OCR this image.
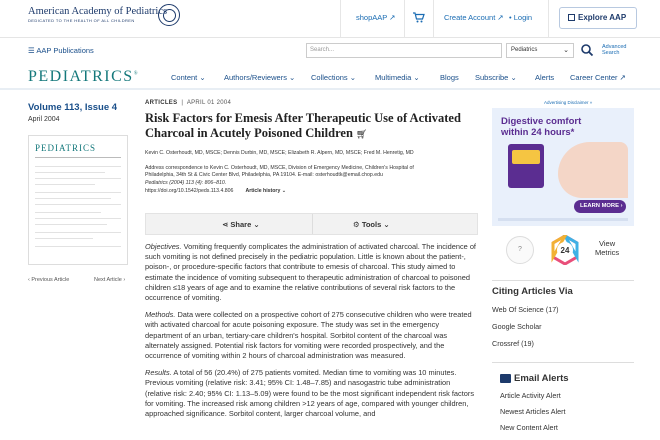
American Academy of Pediatrics
DEDICATED TO THE HEALTH OF ALL CHILDREN	shopAAP ↗	Create Account ↗ • Login	Explore AAP
☰ AAP Publications	Search...	Pediatrics	⌄	Advanced
Search
PEDIATRICS®	Content ⌄ Authors/Reviewers ⌄ Collections ⌄	Multimedia ⌄	Blogs Subscribe ⌄ Alerts Career Center ↗
Volume 113, Issue 4
April 2004
PEDIATRICS
‹ Previous Article	Next Article ›
ARTICLES  |  APRIL 01 2004
Risk Factors for Emesis After Therapeutic Use of Activated Charcoal in Acutely Poisoned Children 🛒︎
Kevin C. Osterhoudt, MD, MSCE; Dennis Durbin, MD, MSCE; Elizabeth R. Alpern, MD, MSCE; Fred M. Henretig, MD
Address correspondence to Kevin C. Osterhoudt, MD, MSCE, Division of Emergency Medicine, Children's Hospital of
Philadelphia, 34th St & Civic Center Blvd, Philadelphia, PA 19104. E-mail: osterhoudtk@email.chop.edu
Pediatrics (2004) 113 (4): 806–810.
https://doi.org/10.1542/peds.113.4.806 Article history ⌄
⋖ Share ⌄	⚙ Tools ⌄

Objectives. Vomiting frequently complicates the administration of activated charcoal. The incidence of such vomiting is not defined precisely in the pediatric population. Little is known about the patient-, poison-, or procedure-specific factors that contribute to emesis of charcoal. This study aimed to estimate the incidence of vomiting subsequent to therapeutic administration of charcoal to poisoned children ≤18 years of age and to examine the relative contributions of several risk factors to the occurrence of vomiting.

Methods. Data were collected on a prospective cohort of 275 consecutive children who were treated with activated charcoal for acute poisoning exposure. The study was set in the emergency department of an urban, tertiary-care children's hospital. Sorbitol content of the charcoal was alternately assigned. Potential risk factors for vomiting were recorded prospectively, and the occurrence of vomiting within 2 hours of charcoal administration was measured.

Results. A total of 56 (20.4%) of 275 patients vomited. Median time to vomiting was 10 minutes. Previous vomiting (relative risk: 3.41; 95% CI: 1.48–7.85) and nasogastric tube administration (relative risk: 2.40; 95% CI: 1.13–5.09) were found to be the most significant independent risk factors for vomiting. The increased risk among children >12 years of age, compared with younger children, approached significance. Sorbitol content, larger charcoal volume, and

Advertising Disclaimer »
Digestive comfort
within 24 hours*
LEARN MORE ›
?	24
View
Metrics
Citing Articles Via
Web Of Science (17)
Google Scholar
Crossref (19)
Email Alerts
Article Activity Alert
Newest Articles Alert
New Content Alert
